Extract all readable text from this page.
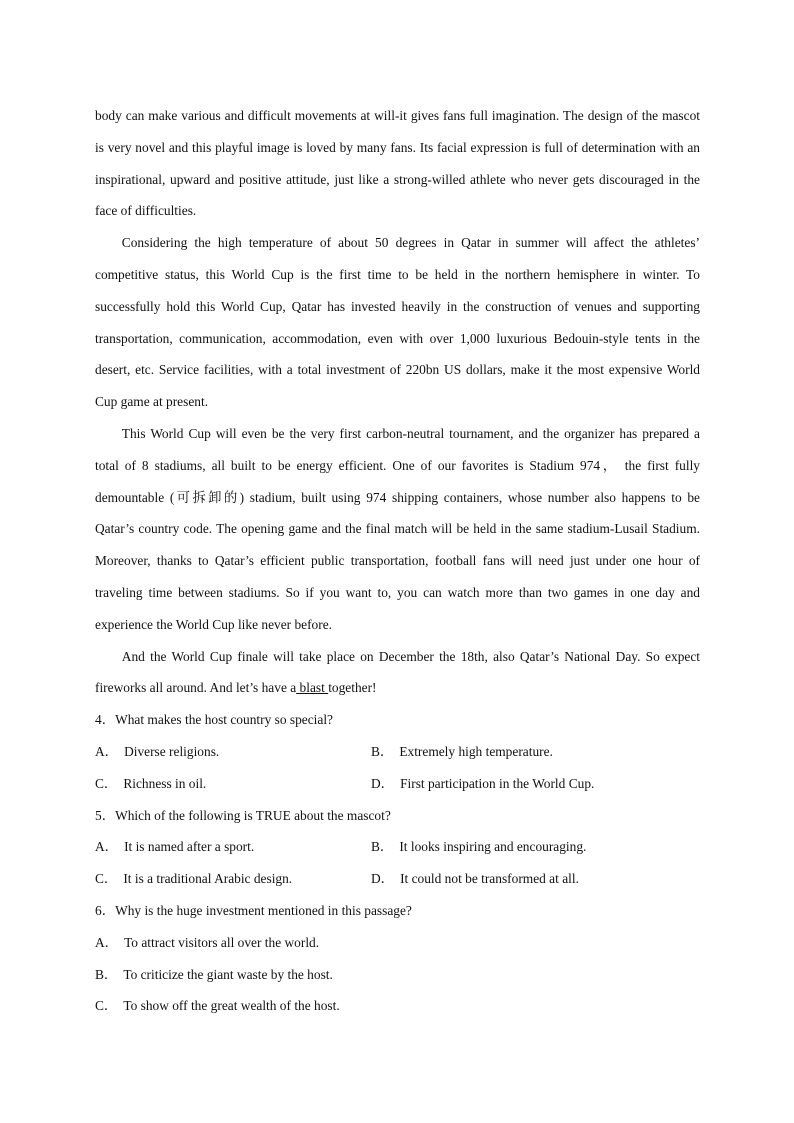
body can make various and difficult movements at will-it gives fans full imagination. The design of the mascot is very novel and this playful image is loved by many fans. Its facial expression is full of determination with an inspirational, upward and positive attitude, just like a strong-willed athlete who never gets discouraged in the face of difficulties.

Considering the high temperature of about 50 degrees in Qatar in summer will affect the athletes’ competitive status, this World Cup is the first time to be held in the northern hemisphere in winter. To successfully hold this World Cup, Qatar has invested heavily in the construction of venues and supporting transportation, communication, accommodation, even with over 1,000 luxurious Bedouin-style tents in the desert, etc. Service facilities, with a total investment of 220bn US dollars, make it the most expensive World Cup game at present.

This World Cup will even be the very first carbon-neutral tournament, and the organizer has prepared a total of 8 stadiums, all built to be energy efficient. One of our favorites is Stadium 974， the first fully demountable (可拆卸的) stadium, built using 974 shipping containers, whose number also happens to be Qatar’s country code. The opening game and the final match will be held in the same stadium-Lusail Stadium. Moreover, thanks to Qatar’s efficient public transportation, football fans will need just under one hour of traveling time between stadiums. So if you want to, you can watch more than two games in one day and experience the World Cup like never before.

And the World Cup finale will take place on December the 18th, also Qatar’s National Day. So expect fireworks all around. And let’s have a blast together!

4．What makes the host country so special?
A． Diverse religions.	B． Extremely high temperature.
C． Richness in oil.	D． First participation in the World Cup.
5．Which of the following is TRUE about the mascot?
A． It is named after a sport.	B． It looks inspiring and encouraging.
C． It is a traditional Arabic design.	D． It could not be transformed at all.
6．Why is the huge investment mentioned in this passage?
A． To attract visitors all over the world.
B． To criticize the giant waste by the host.
C． To show off the great wealth of the host.
